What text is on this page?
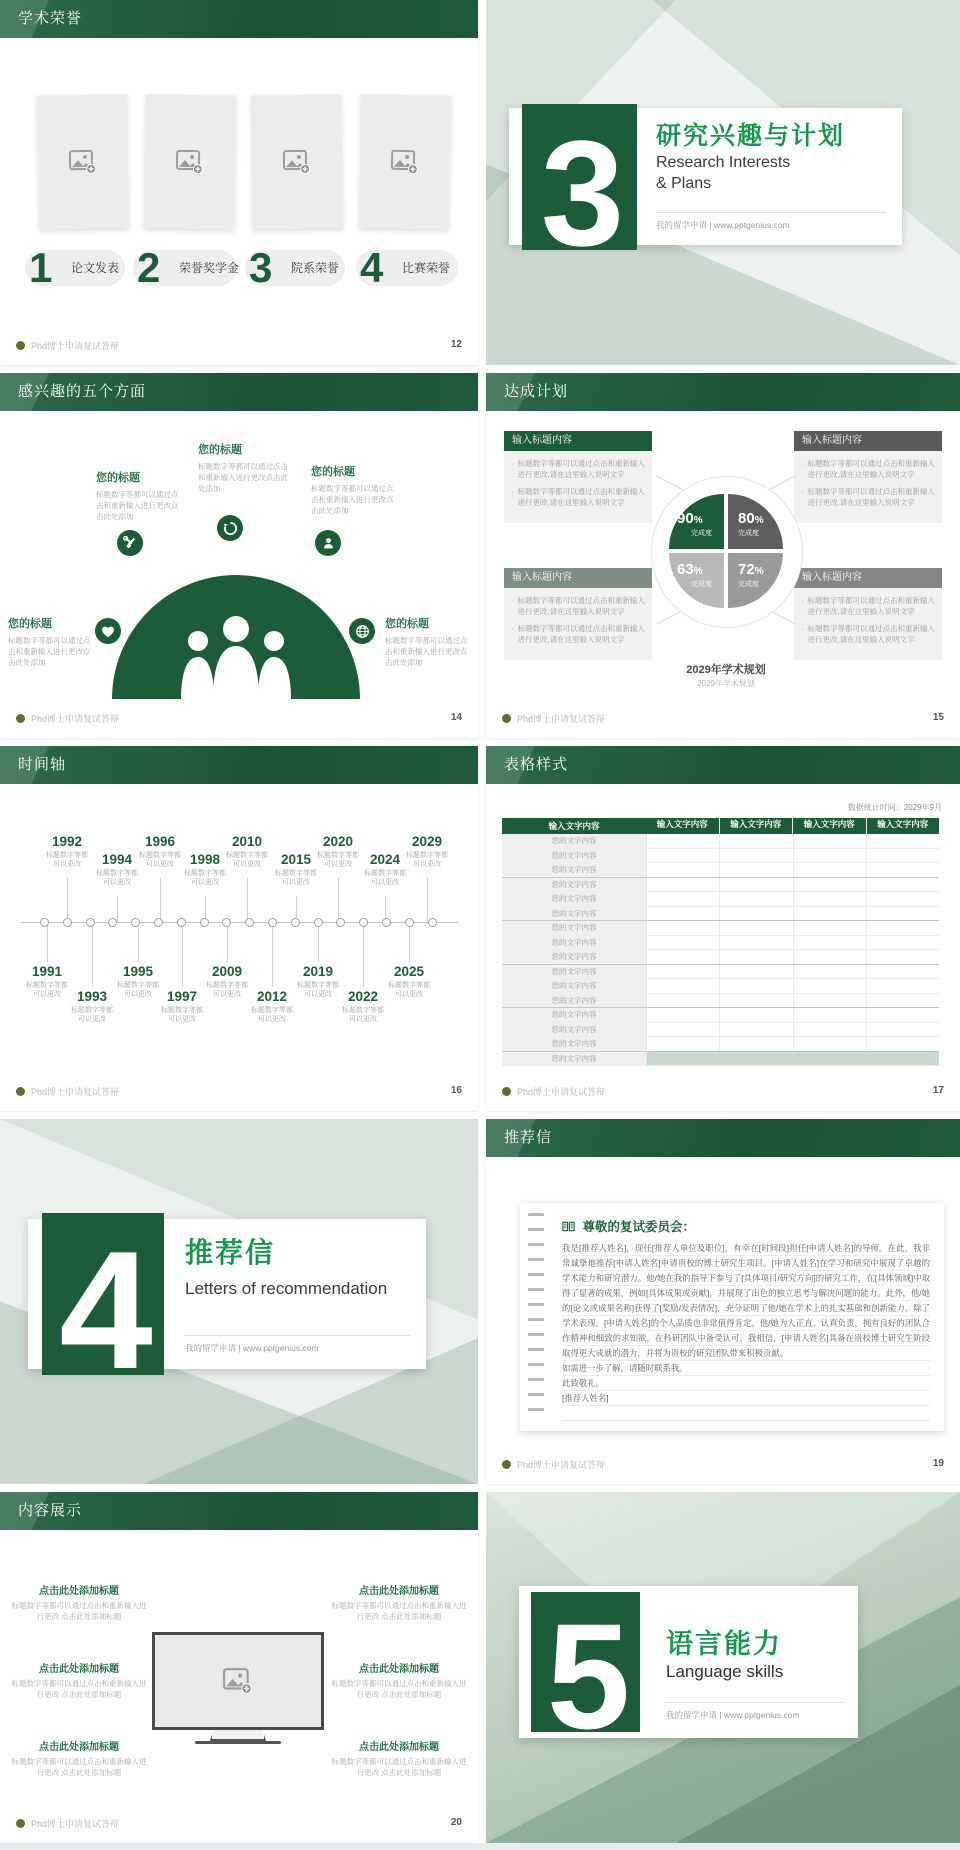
学术荣誉
1 论文发表 2 荣誉奖学金 3 院系荣誉 4 比赛荣誉
Phd博士申请复试答辩	12
3	研究兴趣与计划
Research Interests
& Plans
我的留学申请 | www.pptgenius.com
感兴趣的五个方面
您的标题
标题数字等都可以通过点击和重新输入进行更改点击此处添加
您的标题
标题数字等都可以通过点击和重新输入进行更改点击此处添加
您的标题
标题数字等都可以通过点击和重新输入进行更改点击此处添加
您的标题
标题数字等都可以通过点击和重新输入进行更改点击此处添加
您的标题
标题数字等都可以通过点击和重新输入进行更改点击此处添加
Phd博士申请复试答辩	14
达成计划
输入标题内容
· 标题数字等都可以通过点击和重新输入进行更改,请在这里输入说明文字
· 标题数字等都可以通过点击和重新输入进行更改,请在这里输入说明文字
输入标题内容
· 标题数字等都可以通过点击和重新输入进行更改,请在这里输入说明文字
· 标题数字等都可以通过点击和重新输入进行更改,请在这里输入说明文字
输入标题内容
· 标题数字等都可以通过点击和重新输入进行更改,请在这里输入说明文字
· 标题数字等都可以通过点击和重新输入进行更改,请在这里输入说明文字
输入标题内容
· 标题数字等都可以通过点击和重新输入进行更改,请在这里输入说明文字
· 标题数字等都可以通过点击和重新输入进行更改,请在这里输入说明文字
90%
完成度
80%
完成度
63%
完成度
72%
完成度
2029年学术规划
2029年学术规划
Phd博士申请复试答辩	15
时间轴
1992
标题数字等都
可以更改	1994
标题数字等都
可以更改
1996
标题数字等都
可以更改	1998
标题数字等都
可以更改
2010
标题数字等都
可以更改	2015
标题数字等都
可以更改
2020
标题数字等都
可以更改	2024
标题数字等都
可以更改
2029
标题数字等都
可以更改
1991
标题数字等都
可以更改	1993
标题数字等都
可以更改
1995
标题数字等都
可以更改	1997
标题数字等都
可以更改
2009
标题数字等都
可以更改	2012
标题数字等都
可以更改
2019
标题数字等都
可以更改	2022
标题数字等都
可以更改
2025
标题数字等都
可以更改
Phd博士申请复试答辩	16
表格样式
数据统计时间：2029年9月
输入文字内容	输入文字内容	输入文字内容	输入文字内容	输入文字内容
您的文字内容
您的文字内容
您的文字内容
您的文字内容
您的文字内容
您的文字内容
您的文字内容
您的文字内容
您的文字内容
您的文字内容
您的文字内容
您的文字内容
您的文字内容
您的文字内容
您的文字内容
您的文字内容
Phd博士申请复试答辩	17
4	推荐信
Letters of recommendation
我的留学申请 | www.pptgenius.com
推荐信
尊敬的复试委员会：

我是[推荐人姓名]，现任[推荐人单位及职位]，有幸在[时间段]担任[申请人姓名]的导师。在此，我非常诚挚地推荐[申请人姓名]申请贵校的博士研究生项目。[申请人姓名]在学习和研究中展现了卓越的学术能力和研究潜力。他/她在我的指导下参与了[具体项目/研究方向]的研究工作，在[具体领域]中取得了显著的成果，例如[具体成果或贡献]，并展现了出色的独立思考与解决问题的能力。此外，他/她的[论文或成果名称]获得了[奖励/发表情况]，充分证明了他/她在学术上的扎实基础和创新能力。除了学术表现，[申请人姓名]的个人品质也非常值得肯定。他/她为人正直、认真负责，拥有良好的团队合作精神和细致的求知欲，在科研团队中备受认可。我相信，[申请人姓名]具备在贵校博士研究生阶段取得更大成就的潜力，并将为贵校的研究团队带来积极贡献。

如需进一步了解，请随时联系我。

此致敬礼，

[推荐人姓名]

Phd博士申请复试答辩	19
内容展示
点击此处添加标题
标题数字等都可以通过点击和重新输入进行更改 点击此处添加标题
点击此处添加标题
标题数字等都可以通过点击和重新输入进行更改 点击此处添加标题
点击此处添加标题
标题数字等都可以通过点击和重新输入进行更改 点击此处添加标题
点击此处添加标题
标题数字等都可以通过点击和重新输入进行更改 点击此处添加标题
点击此处添加标题
标题数字等都可以通过点击和重新输入进行更改 点击此处添加标题
点击此处添加标题
标题数字等都可以通过点击和重新输入进行更改 点击此处添加标题
Phd博士申请复试答辩	20
5	语言能力
Language skills
我的留学申请 | www.pptgenius.com
